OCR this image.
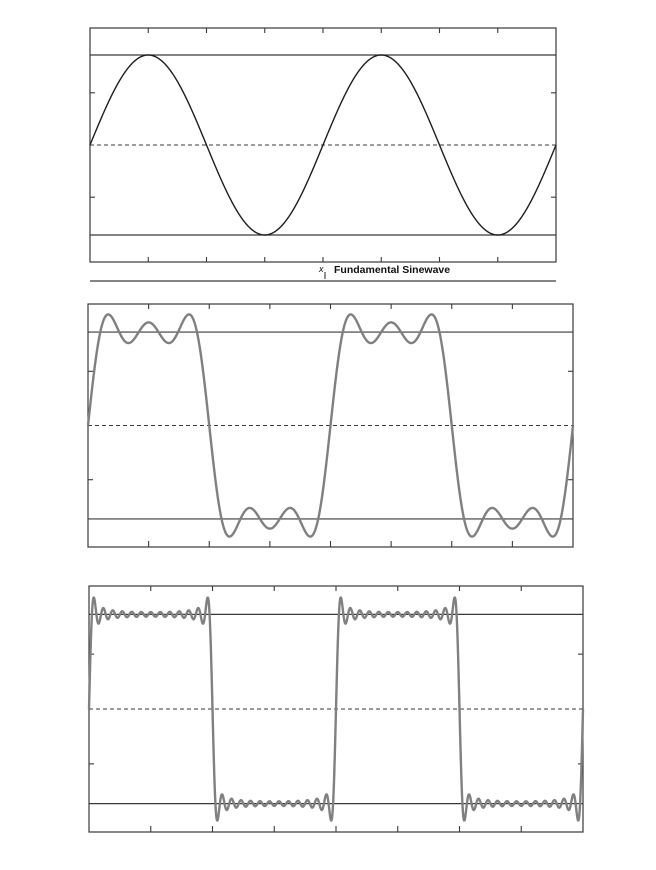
x Fundamental Sinewave
